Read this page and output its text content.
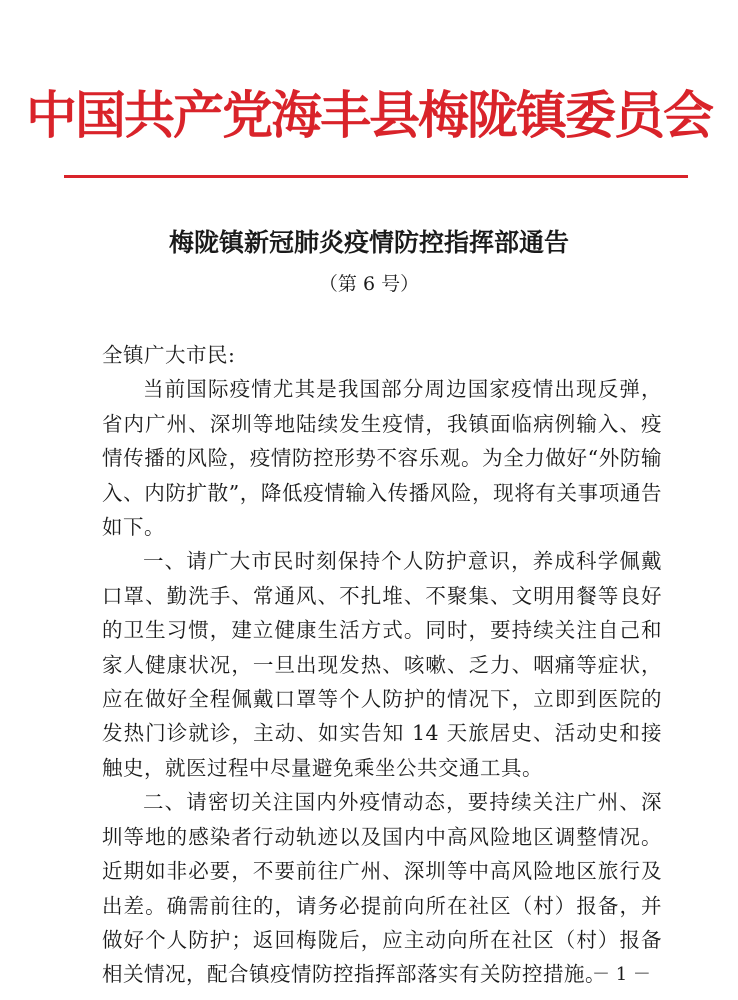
中国共产党海丰县梅陇镇委员会
梅陇镇新冠肺炎疫情防控指挥部通告
（第 6 号）

全镇广大市民:

当前国际疫情尤其是我国部分周边国家疫情出现反弹，省内广州、深圳等地陆续发生疫情，我镇面临病例输入、疫情传播的风险，疫情防控形势不容乐观。为全力做好“外防输入、内防扩散”，降低疫情输入传播风险，现将有关事项通告如下。

一、请广大市民时刻保持个人防护意识，养成科学佩戴口罩、勤洗手、常通风、不扎堆、不聚集、文明用餐等良好的卫生习惯，建立健康生活方式。同时，要持续关注自己和家人健康状况，一旦出现发热、咳嗽、乏力、咽痛等症状，应在做好全程佩戴口罩等个人防护的情况下，立即到医院的发热门诊就诊，主动、如实告知 14 天旅居史、活动史和接触史，就医过程中尽量避免乘坐公共交通工具。

二、请密切关注国内外疫情动态，要持续关注广州、深圳等地的感染者行动轨迹以及国内中高风险地区调整情况。近期如非必要，不要前往广州、深圳等中高风险地区旅行及出差。确需前往的，请务必提前向所在社区（村）报备，并做好个人防护；返回梅陇后，应主动向所在社区（村）报备相关情况，配合镇疫情防控指挥部落实有关防控措施。

－ 1 －
